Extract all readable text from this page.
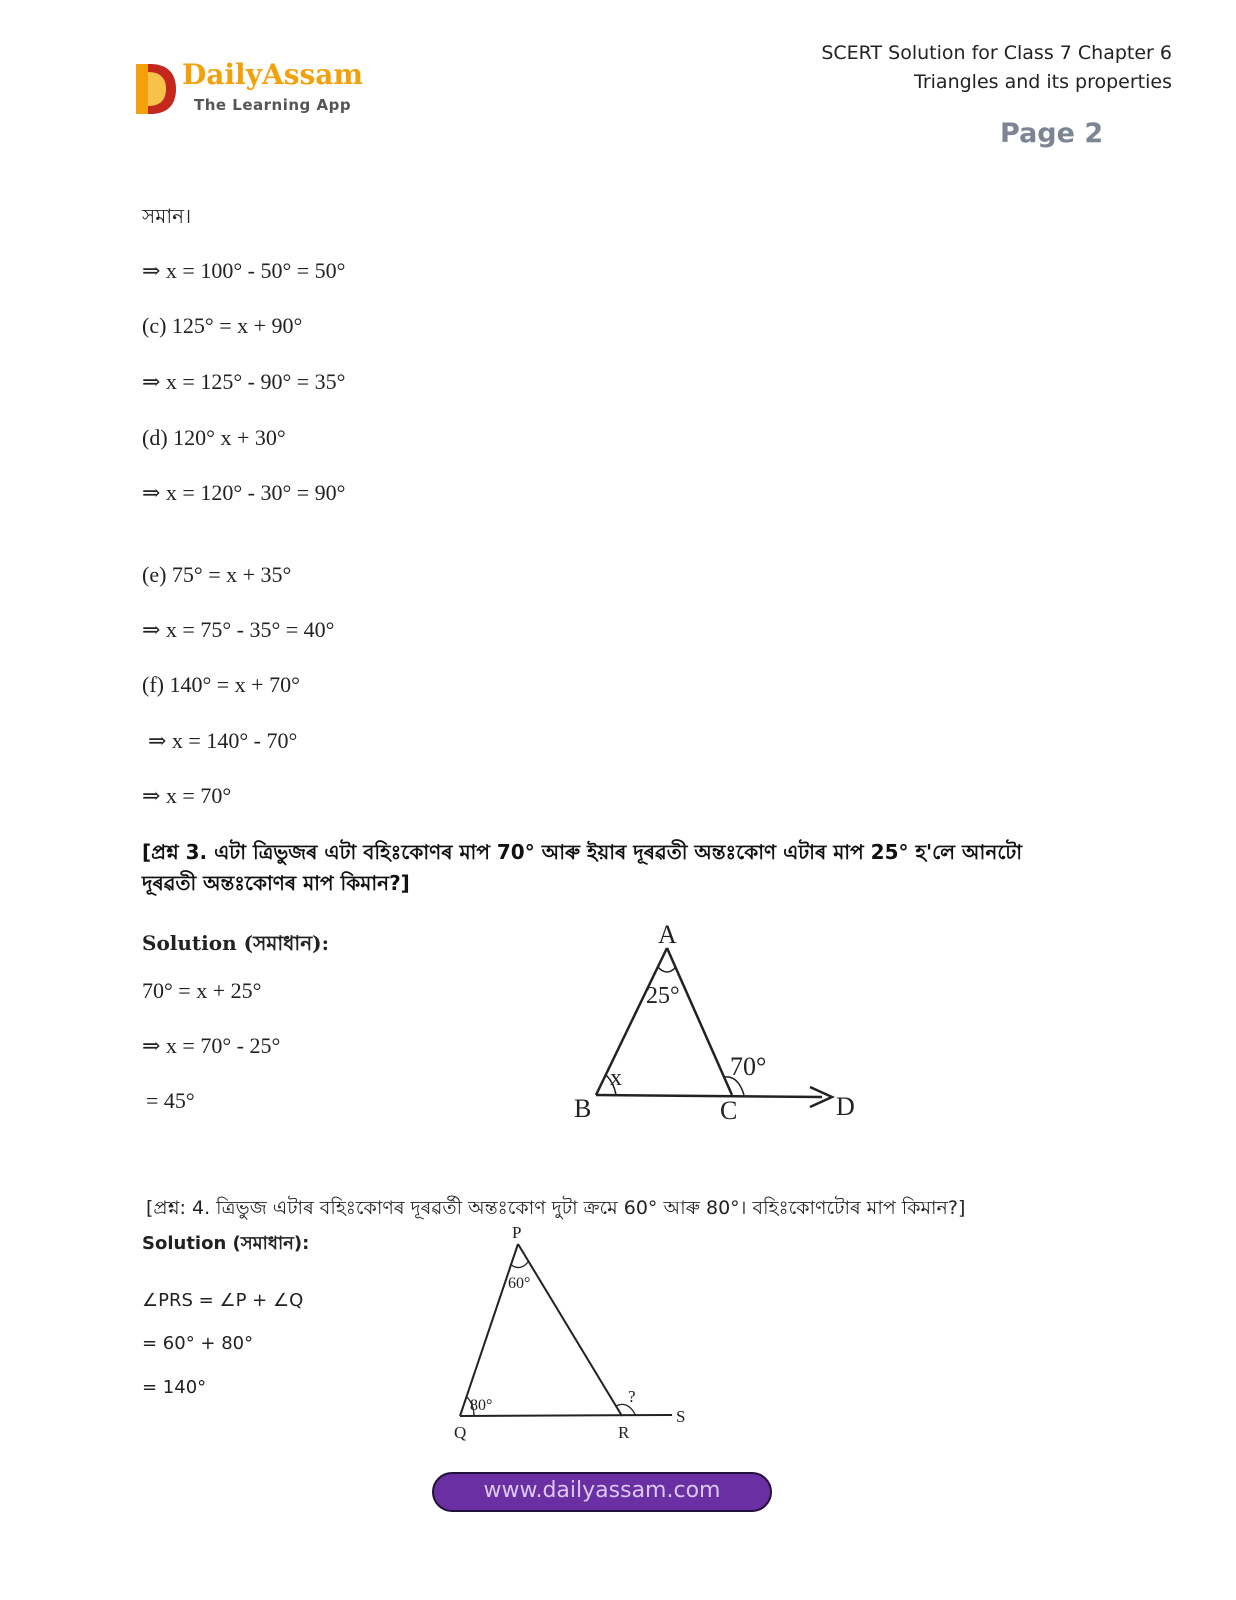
DailyAssam
The Learning App
SCERT Solution for Class 7 Chapter 6
Triangles and its properties
Page 2
সমান।
⇒ x = 100° - 50° = 50°
(c) 125° = x + 90°
⇒ x = 125° - 90° = 35°
(d) 120° x + 30°
⇒ x = 120° - 30° = 90°
(e) 75° = x + 35°
⇒ x = 75° - 35° = 40°
(f) 140° = x + 70°
⇒ x = 140° - 70°
⇒ x = 70°
[প্ৰশ্ন 3. এটা ত্ৰিভুজৰ এটা বহিঃকোণৰ মাপ 70° আৰু ইয়াৰ দূৰৱতী অন্তঃকোণ এটাৰ মাপ 25° হ'লে আনটো
দূৰৱতী অন্তঃকোণৰ মাপ কিমান?]
Solution (সমাধান):
70° = x + 25°
⇒ x = 70° - 25°
= 45°
A
B	C	D
25°
x	70°
[প্ৰশ্ন: 4. ত্ৰিভুজ এটাৰ বহিঃকোণৰ দূৰৱৰ্তী অন্তঃকোণ দুটা ক্ৰমে 60° আৰু 80°। বহিঃকোণটোৰ মাপ কিমান?]
Solution (সমাধান):
∠PRS = ∠P + ∠Q
= 60° + 80°
= 140°
P
Q	R
S
60°
80°	?
www.dailyassam.com
